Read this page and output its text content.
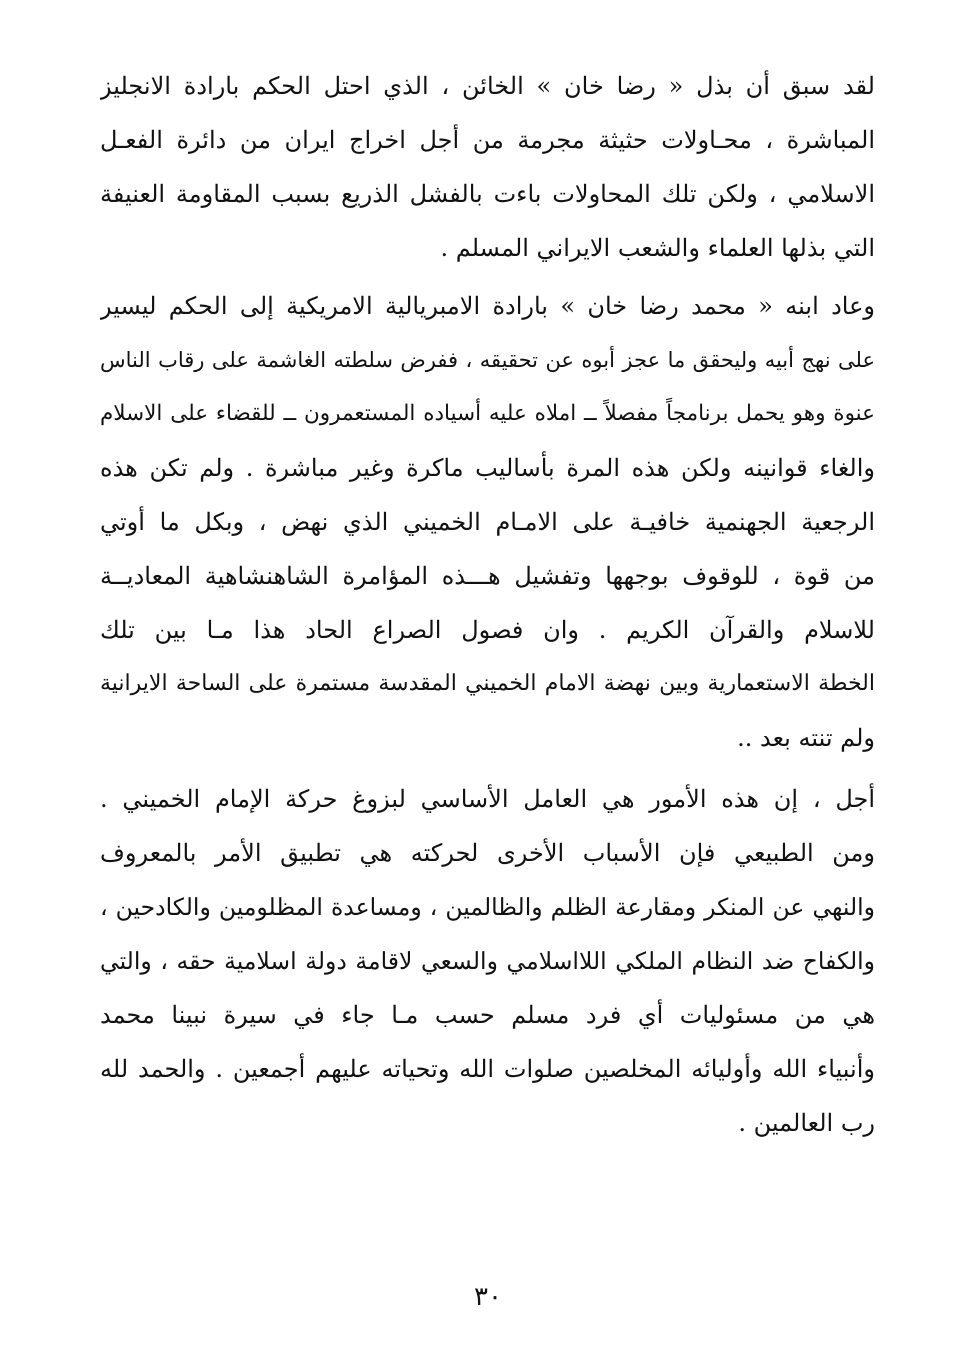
لقد سبق أن بذل « رضا خان » الخائن ، الذي احتل الحكم بارادة الانجليز
المباشرة ، محـاولات حثيثة مجرمة من أجل اخراج ايران من دائرة الفعـل
الاسلامي ، ولكن تلك المحاولات باءت بالفشل الذريع بسبب المقاومة العنيفة
التي بذلها العلماء والشعب الايراني المسلم .
وعاد ابنه « محمد رضا خان » بارادة الامبريالية الامريكية إلى الحكم ليسير
على نهج أبيه وليحقق ما عجز أبوه عن تحقيقه ، ففرض سلطته الغاشمة على رقاب الناس
عنوة وهو يحمل برنامجاً مفصلاً ــ املاه عليه أسياده المستعمرون ــ للقضاء على الاسلام
والغاء قوانينه ولكن هذه المرة بأساليب ماكرة وغير مباشرة . ولم تكن هذه
الرجعية الجهنمية خافيـة على الامـام الخميني الذي نهض ، وبكل ما أوتي
من قوة ، للوقوف بوجهها وتفشيل هـــذه المؤامرة الشاهنشاهية المعاديــة
للاسلام والقرآن الكريم . وان فصول الصراع الحاد هذا مـا بين تلك
الخطة الاستعمارية وبين نهضة الامام الخميني المقدسة مستمرة على الساحة الايرانية
ولم تنته بعد ..
أجل ، إن هذه الأمور هي العامل الأساسي لبزوغ حركة الإمام الخميني .
ومن الطبيعي فإن الأسباب الأخرى لحركته هي تطبيق الأمر بالمعروف
والنهي عن المنكر ومقارعة الظلم والظالمين ، ومساعدة المظلومين والكادحين ،
والكفاح ضد النظام الملكي اللااسلامي والسعي لاقامة دولة اسلامية حقه ، والتي
هي من مسئوليات أي فرد مسلم حسب مـا جاء في سيرة نبينا محمد
وأنبياء الله وأوليائه المخلصين صلوات الله وتحياته عليهم أجمعين . والحمد لله
رب العالمين .
٣٠
